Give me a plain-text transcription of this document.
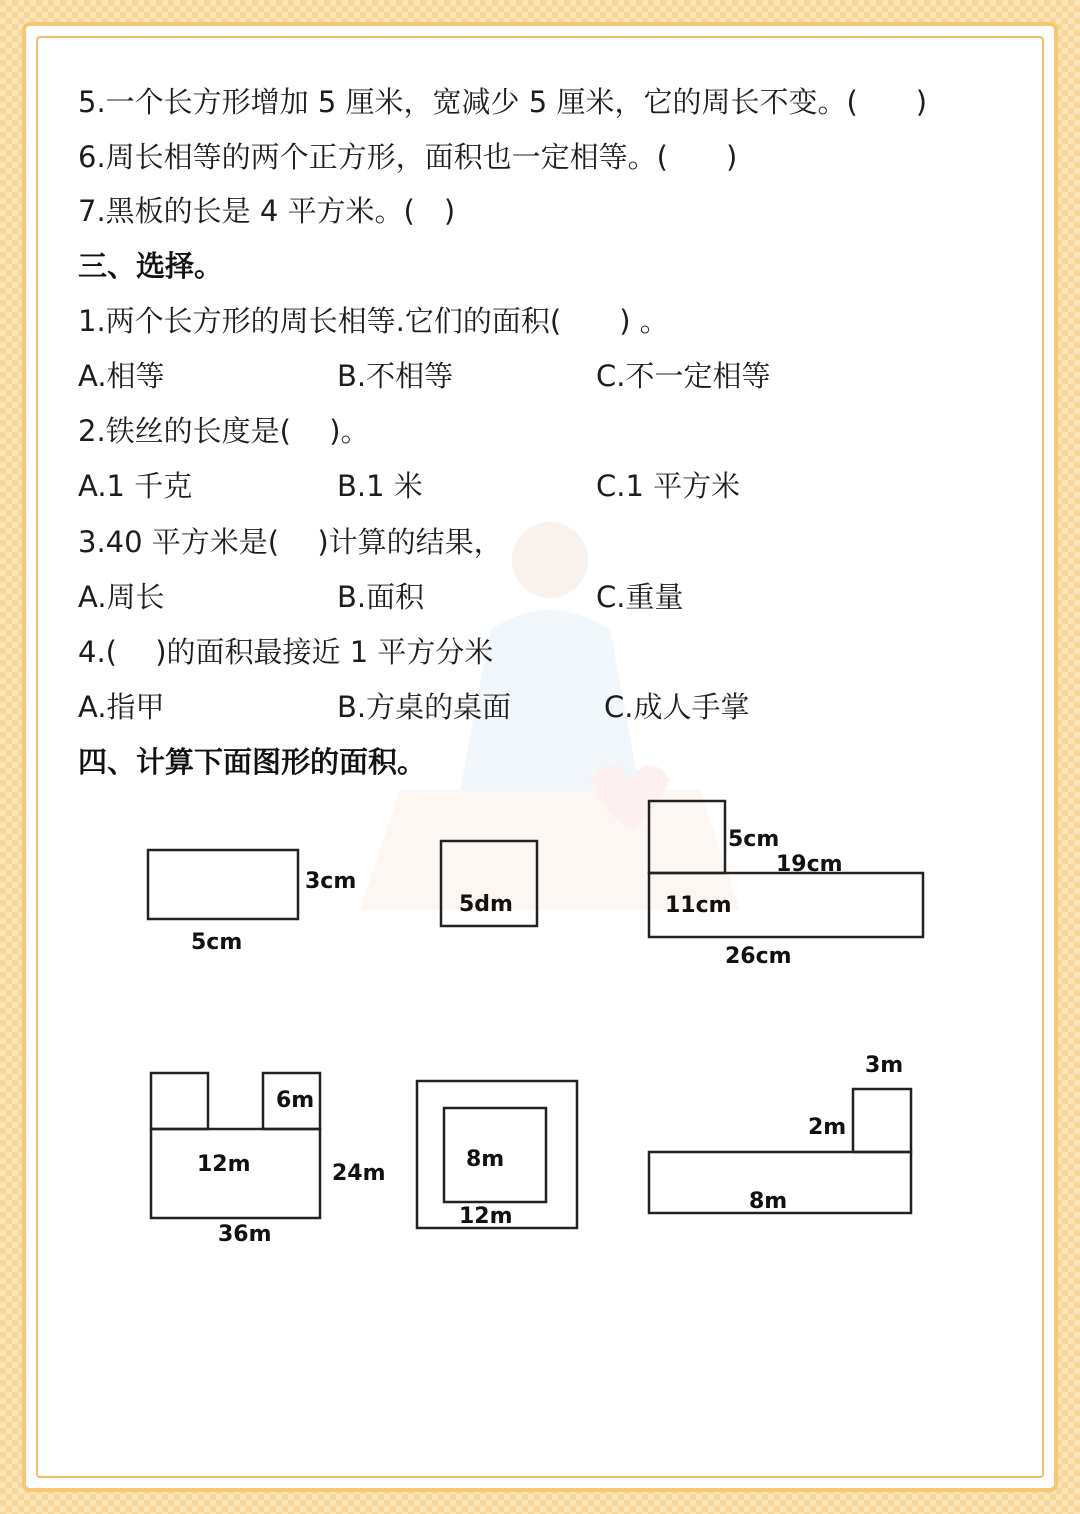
5.一个长方形增加 5 厘米，宽减少 5 厘米，它的周长不变。(　　)
6.周长相等的两个正方形，面积也一定相等。(　　)
7.黑板的长是 4 平方米。(　)
三、选择。
1.两个长方形的周长相等.它们的面积(　　) 。
A.相等	B.不相等	C.不一定相等
2.铁丝的长度是(　 )。
A.1 千克	B.1 米	C.1 平方米
3.40 平方米是(　 )计算的结果，
A.周长	B.面积	C.重量
4.(　 )的面积最接近 1 平方分米
A.指甲	B.方桌的桌面	C.成人手掌
四、计算下面图形的面积。
3cm
5cm
5dm
5cm
19cm
11cm
26cm
6m
12m	24m
36m
8m
12m
3m
2m
8m
